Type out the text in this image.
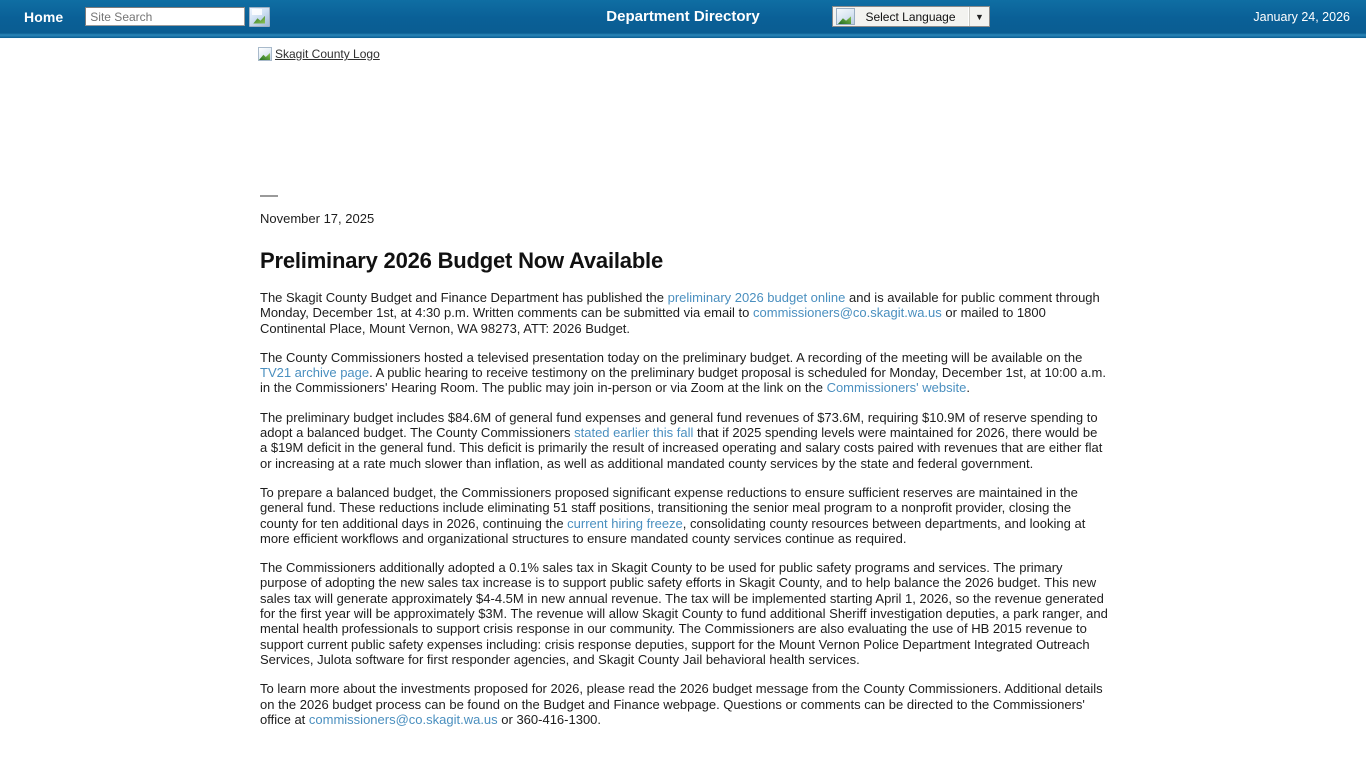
Home
Site Search	Department Directory	Select Language	▼	January 24, 2026
Skagit County Logo
November 17, 2025
Preliminary 2026 Budget Now Available

The Skagit County Budget and Finance Department has published the preliminary 2026 budget online and is available for public comment through Monday, December 1st, at 4:30 p.m. Written comments can be submitted via email to commissioners@co.skagit.wa.us or mailed to 1800 Continental Place, Mount Vernon, WA 98273, ATT: 2026 Budget.

The County Commissioners hosted a televised presentation today on the preliminary budget. A recording of the meeting will be available on the TV21 archive page. A public hearing to receive testimony on the preliminary budget proposal is scheduled for Monday, December 1st, at 10:00 a.m. in the Commissioners' Hearing Room. The public may join in-person or via Zoom at the link on the Commissioners' website.

The preliminary budget includes $84.6M of general fund expenses and general fund revenues of $73.6M, requiring $10.9M of reserve spending to adopt a balanced budget. The County Commissioners stated earlier this fall that if 2025 spending levels were maintained for 2026, there would be a $19M deficit in the general fund. This deficit is primarily the result of increased operating and salary costs paired with revenues that are either flat or increasing at a rate much slower than inflation, as well as additional mandated county services by the state and federal government.

To prepare a balanced budget, the Commissioners proposed significant expense reductions to ensure sufficient reserves are maintained in the general fund. These reductions include eliminating 51 staff positions, transitioning the senior meal program to a nonprofit provider, closing the county for ten additional days in 2026, continuing the current hiring freeze, consolidating county resources between departments, and looking at more efficient workflows and organizational structures to ensure mandated county services continue as required.

The Commissioners additionally adopted a 0.1% sales tax in Skagit County to be used for public safety programs and services. The primary purpose of adopting the new sales tax increase is to support public safety efforts in Skagit County, and to help balance the 2026 budget. This new sales tax will generate approximately $4-4.5M in new annual revenue. The tax will be implemented starting April 1, 2026, so the revenue generated for the first year will be approximately $3M. The revenue will allow Skagit County to fund additional Sheriff investigation deputies, a park ranger, and mental health professionals to support crisis response in our community. The Commissioners are also evaluating the use of HB 2015 revenue to support current public safety expenses including: crisis response deputies, support for the Mount Vernon Police Department Integrated Outreach Services, Julota software for first responder agencies, and Skagit County Jail behavioral health services.

To learn more about the investments proposed for 2026, please read the 2026 budget message from the County Commissioners. Additional details on the 2026 budget process can be found on the Budget and Finance webpage. Questions or comments can be directed to the Commissioners' office at commissioners@co.skagit.wa.us or 360-416-1300.
